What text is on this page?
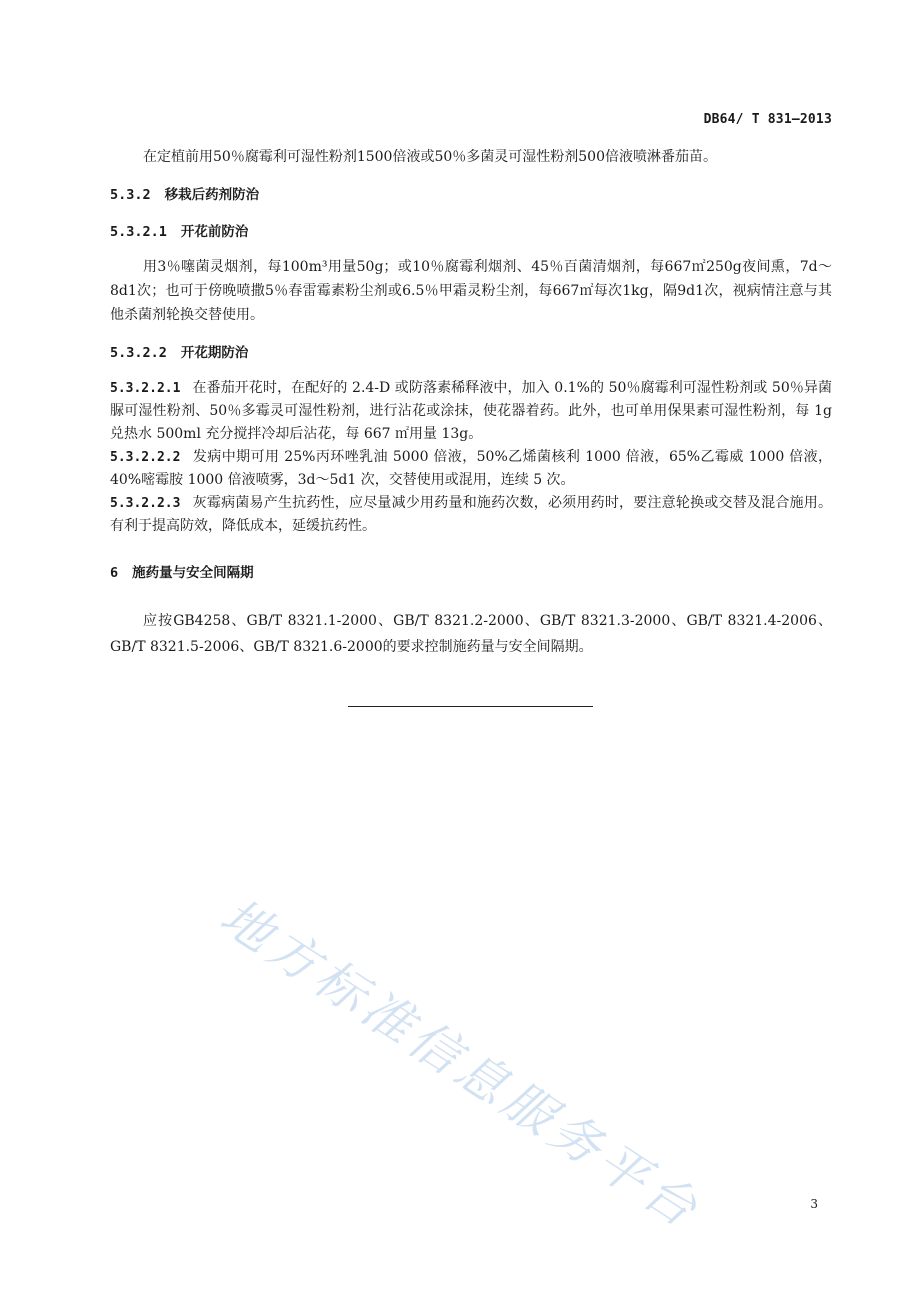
DB64/ T 831—2013

在定植前用50％腐霉利可湿性粉剂1500倍液或50％多菌灵可湿性粉剂500倍液喷淋番茄苗。

5.3.2 移栽后药剂防治

5.3.2.1 开花前防治

用3％噻菌灵烟剂，每100m³用量50g；或10％腐霉利烟剂、45％百菌清烟剂，每667㎡250g夜间熏，7d～8d1次；也可于傍晚喷撒5％春雷霉素粉尘剂或6.5％甲霜灵粉尘剂，每667㎡每次1kg，隔9d1次，视病情注意与其他杀菌剂轮换交替使用。

5.3.2.2 开花期防治

5.3.2.2.1 在番茄开花时，在配好的 2.4-D 或防落素稀释液中，加入 0.1%的 50％腐霉利可湿性粉剂或 50％异菌脲可湿性粉剂、50％多霉灵可湿性粉剂，进行沾花或涂抹，使花器着药。此外，也可单用保果素可湿性粉剂，每 1g 兑热水 500ml 充分搅拌冷却后沾花，每 667 ㎡用量 13g。

5.3.2.2.2 发病中期可用 25%丙环唑乳油 5000 倍液，50%乙烯菌核利 1000 倍液，65%乙霉威 1000 倍液，40%嘧霉胺 1000 倍液喷雾，3d～5d1 次，交替使用或混用，连续 5 次。

5.3.2.2.3 灰霉病菌易产生抗药性，应尽量减少用药量和施药次数，必须用药时，要注意轮换或交替及混合施用。有利于提高防效，降低成本，延缓抗药性。

6 施药量与安全间隔期

应按GB4258、GB/T 8321.1-2000、GB/T 8321.2-2000、GB/T 8321.3-2000、GB/T 8321.4-2006、GB/T 8321.5-2006、GB/T 8321.6-2000的要求控制施药量与安全间隔期。

地方标准信息服务平台	3
